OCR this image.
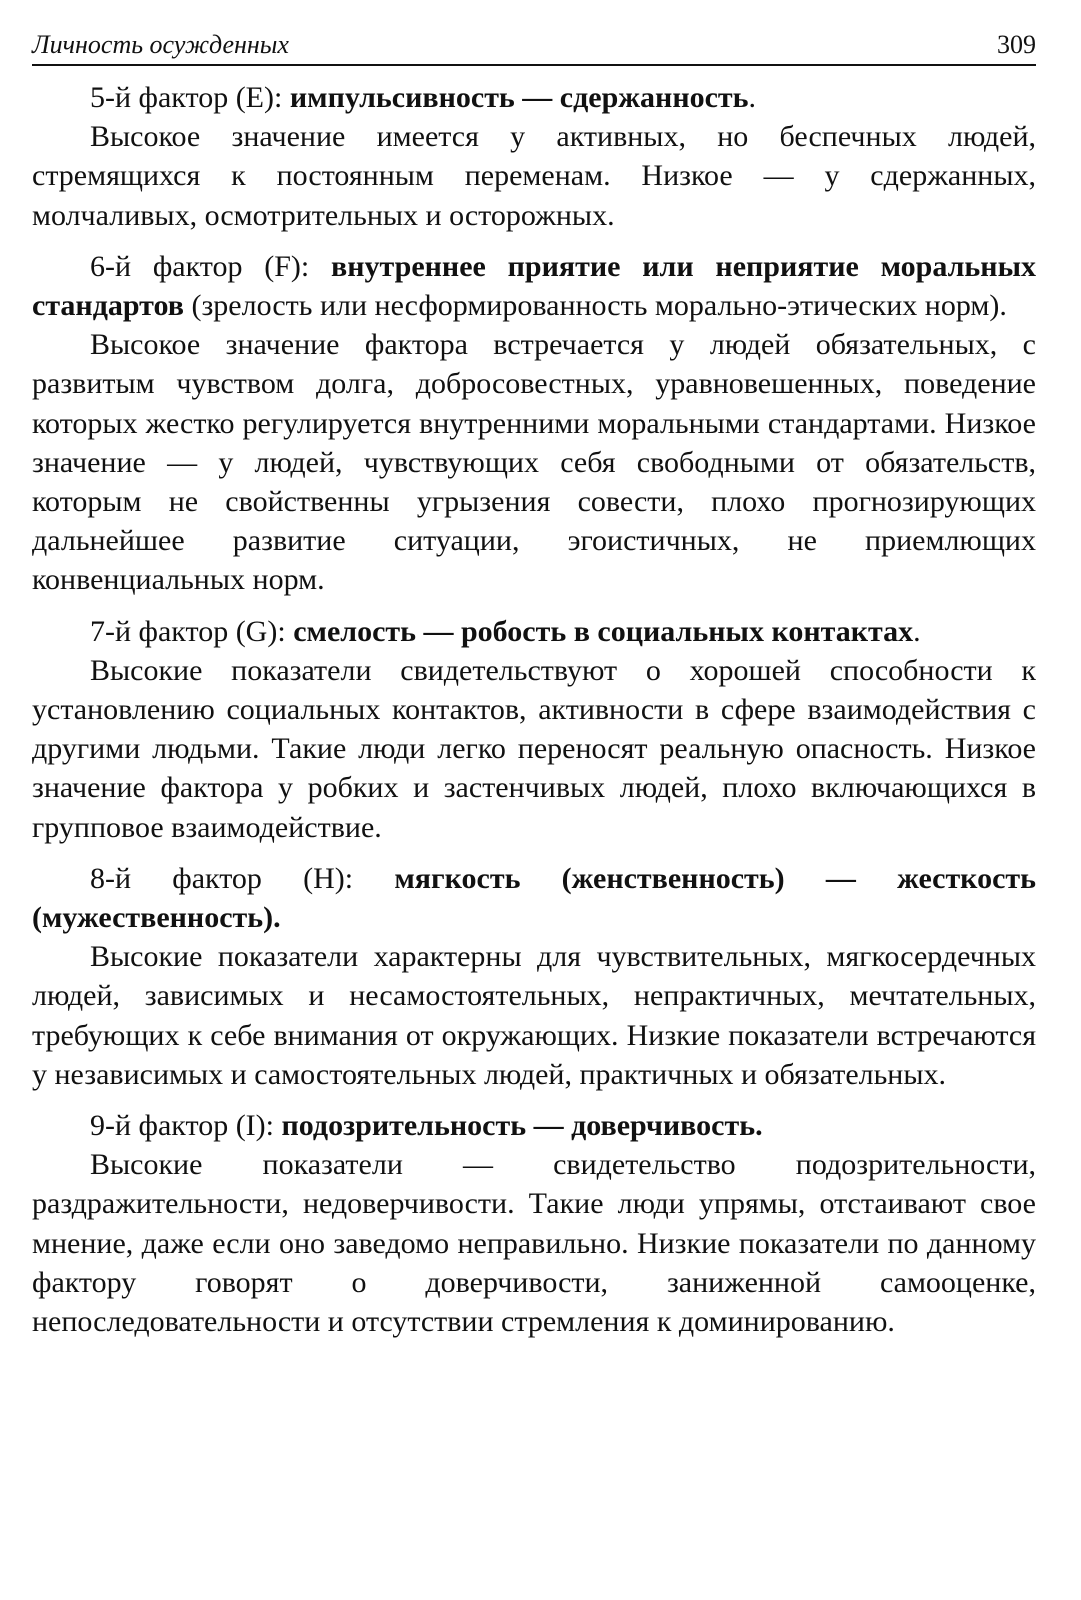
Личность осужденных	309

5-й фактор (Е): импульсивность — сдержанность.

Высокое значение имеется у активных, но беспечных людей, стремящихся к постоянным переменам. Низкое — у сдержанных, молчаливых, осмотрительных и осторожных.

6-й фактор (F): внутреннее приятие или неприятие моральных стандартов (зрелость или несформированность морально-этических норм).

Высокое значение фактора встречается у людей обязательных, с развитым чувством долга, добросовестных, уравновешенных, поведение которых жестко регулируется внутренними моральными стандартами. Низкое значение — у людей, чувствующих себя свободными от обязательств, которым не свойственны угрызения совести, плохо прогнозирующих дальнейшее развитие ситуации, эгоистичных, не приемлющих конвенциальных норм.

7-й фактор (G): смелость — робость в социальных контактах.

Высокие показатели свидетельствуют о хорошей способности к установлению социальных контактов, активности в сфере взаимодействия с другими людьми. Такие люди легко переносят реальную опасность. Низкое значение фактора у робких и застенчивых людей, плохо включающихся в групповое взаимодействие.

8-й фактор (Н): мягкость (женственность) — жесткость (мужественность).

Высокие показатели характерны для чувствительных, мягкосердечных людей, зависимых и несамостоятельных, непрактичных, мечтательных, требующих к себе внимания от окружающих. Низкие показатели встречаются у независимых и самостоятельных людей, практичных и обязательных.

9-й фактор (I): подозрительность — доверчивость.

Высокие показатели — свидетельство подозрительности, раздражительности, недоверчивости. Такие люди упрямы, отстаивают свое мнение, даже если оно заведомо неправильно. Низкие показатели по данному фактору говорят о доверчивости, заниженной самооценке, непоследовательности и отсутствии стремления к доминированию.
